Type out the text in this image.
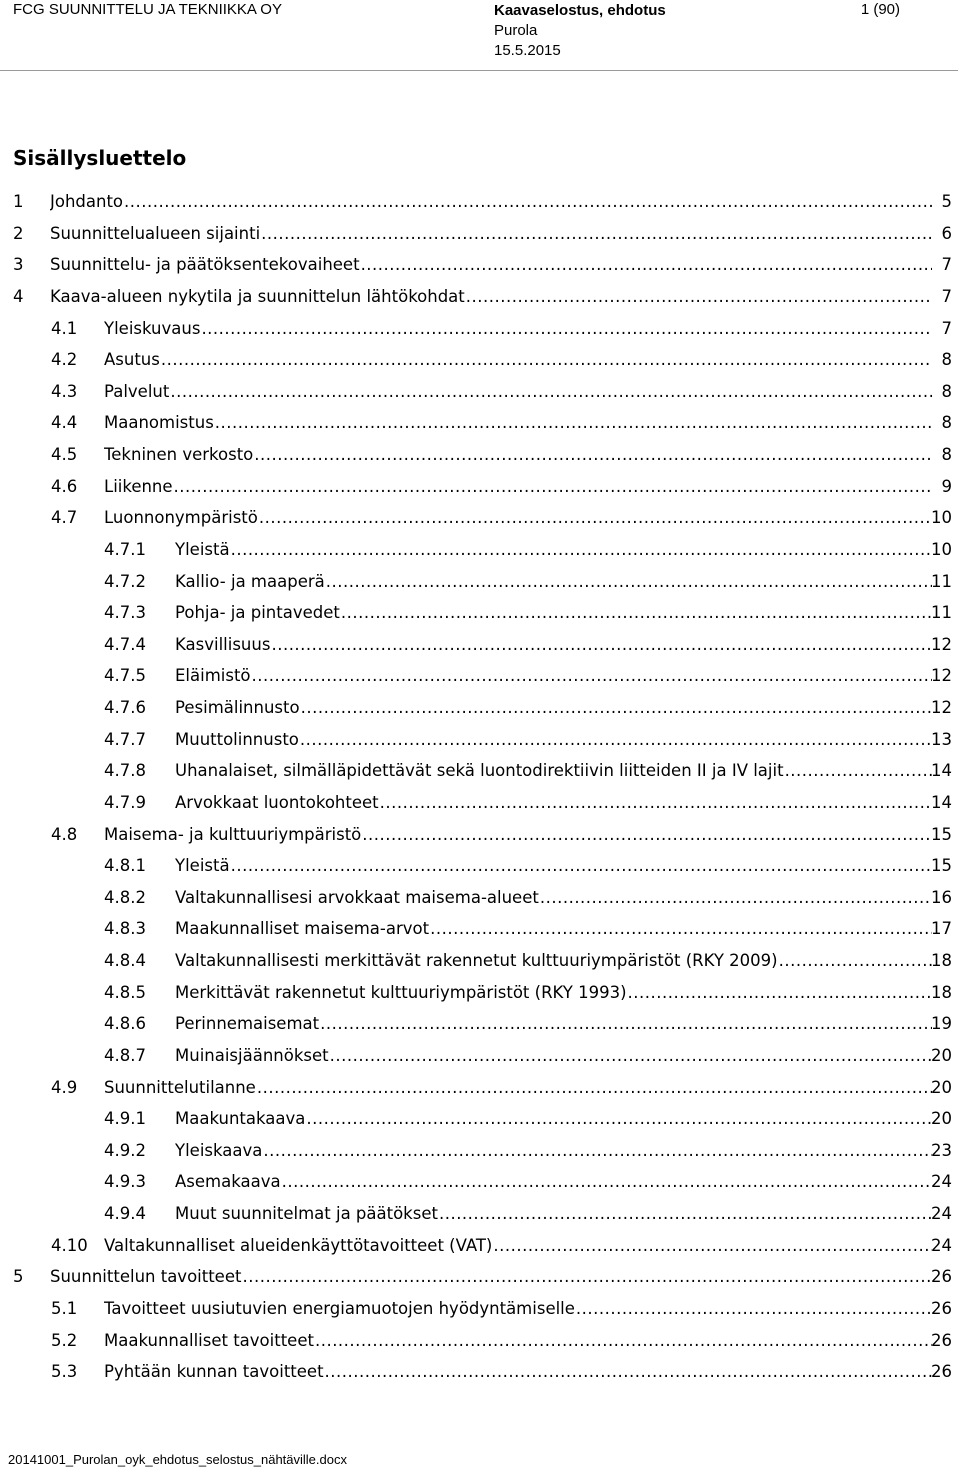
FCG SUUNNITTELU JA TEKNIIKKA OY	Kaavaselostus, ehdotus
Purola
15.5.2015
1 (90)
Sisällysluettelo
1 Johdanto .....	5
2 Suunnittelualueen sijainti .....	6
3 Suunnittelu- ja päätöksentekovaiheet .....	7
4 Kaava-alueen nykytila ja suunnittelun lähtökohdat .....	7
4.1 Yleiskuvaus .....	7
4.2 Asutus .....	8
4.3 Palvelut .....	8
4.4 Maanomistus .....	8
4.5 Tekninen verkosto .....	8
4.6 Liikenne .....	9
4.7 Luonnonympäristö .....	10
4.7.1 Yleistä .....	10
4.7.2 Kallio- ja maaperä .....	11
4.7.3 Pohja- ja pintavedet .....	11
4.7.4 Kasvillisuus .....	12
4.7.5 Eläimistö .....	12
4.7.6 Pesimälinnusto .....	12
4.7.7 Muuttolinnusto .....	13
4.7.8 Uhanalaiset, silmälläpidettävät sekä luontodirektiivin liitteiden II ja IV lajit .....	14
4.7.9 Arvokkaat luontokohteet .....	14
4.8 Maisema- ja kulttuuriympäristö .....	15
4.8.1 Yleistä .....	15
4.8.2 Valtakunnallisesi arvokkaat maisema-alueet .....	16
4.8.3 Maakunnalliset maisema-arvot .....	17
4.8.4 Valtakunnallisesti merkittävät rakennetut kulttuuriympäristöt (RKY 2009) .....	18
4.8.5 Merkittävät rakennetut kulttuuriympäristöt (RKY 1993) .....	18
4.8.6 Perinnemaisemat .....	19
4.8.7 Muinaisjäännökset .....	20
4.9 Suunnittelutilanne .....	20
4.9.1 Maakuntakaava .....	20
4.9.2 Yleiskaava .....	23
4.9.3 Asemakaava .....	24
4.9.4 Muut suunnitelmat ja päätökset .....	24
4.10 Valtakunnalliset alueidenkäyttötavoitteet (VAT) .....	24
5 Suunnittelun tavoitteet .....	26
5.1 Tavoitteet uusiutuvien energiamuotojen hyödyntämiselle .....	26
5.2 Maakunnalliset tavoitteet .....	26
5.3 Pyhtään kunnan tavoitteet .....	26
20141001_Purolan_oyk_ehdotus_selostus_nähtäville.docx
